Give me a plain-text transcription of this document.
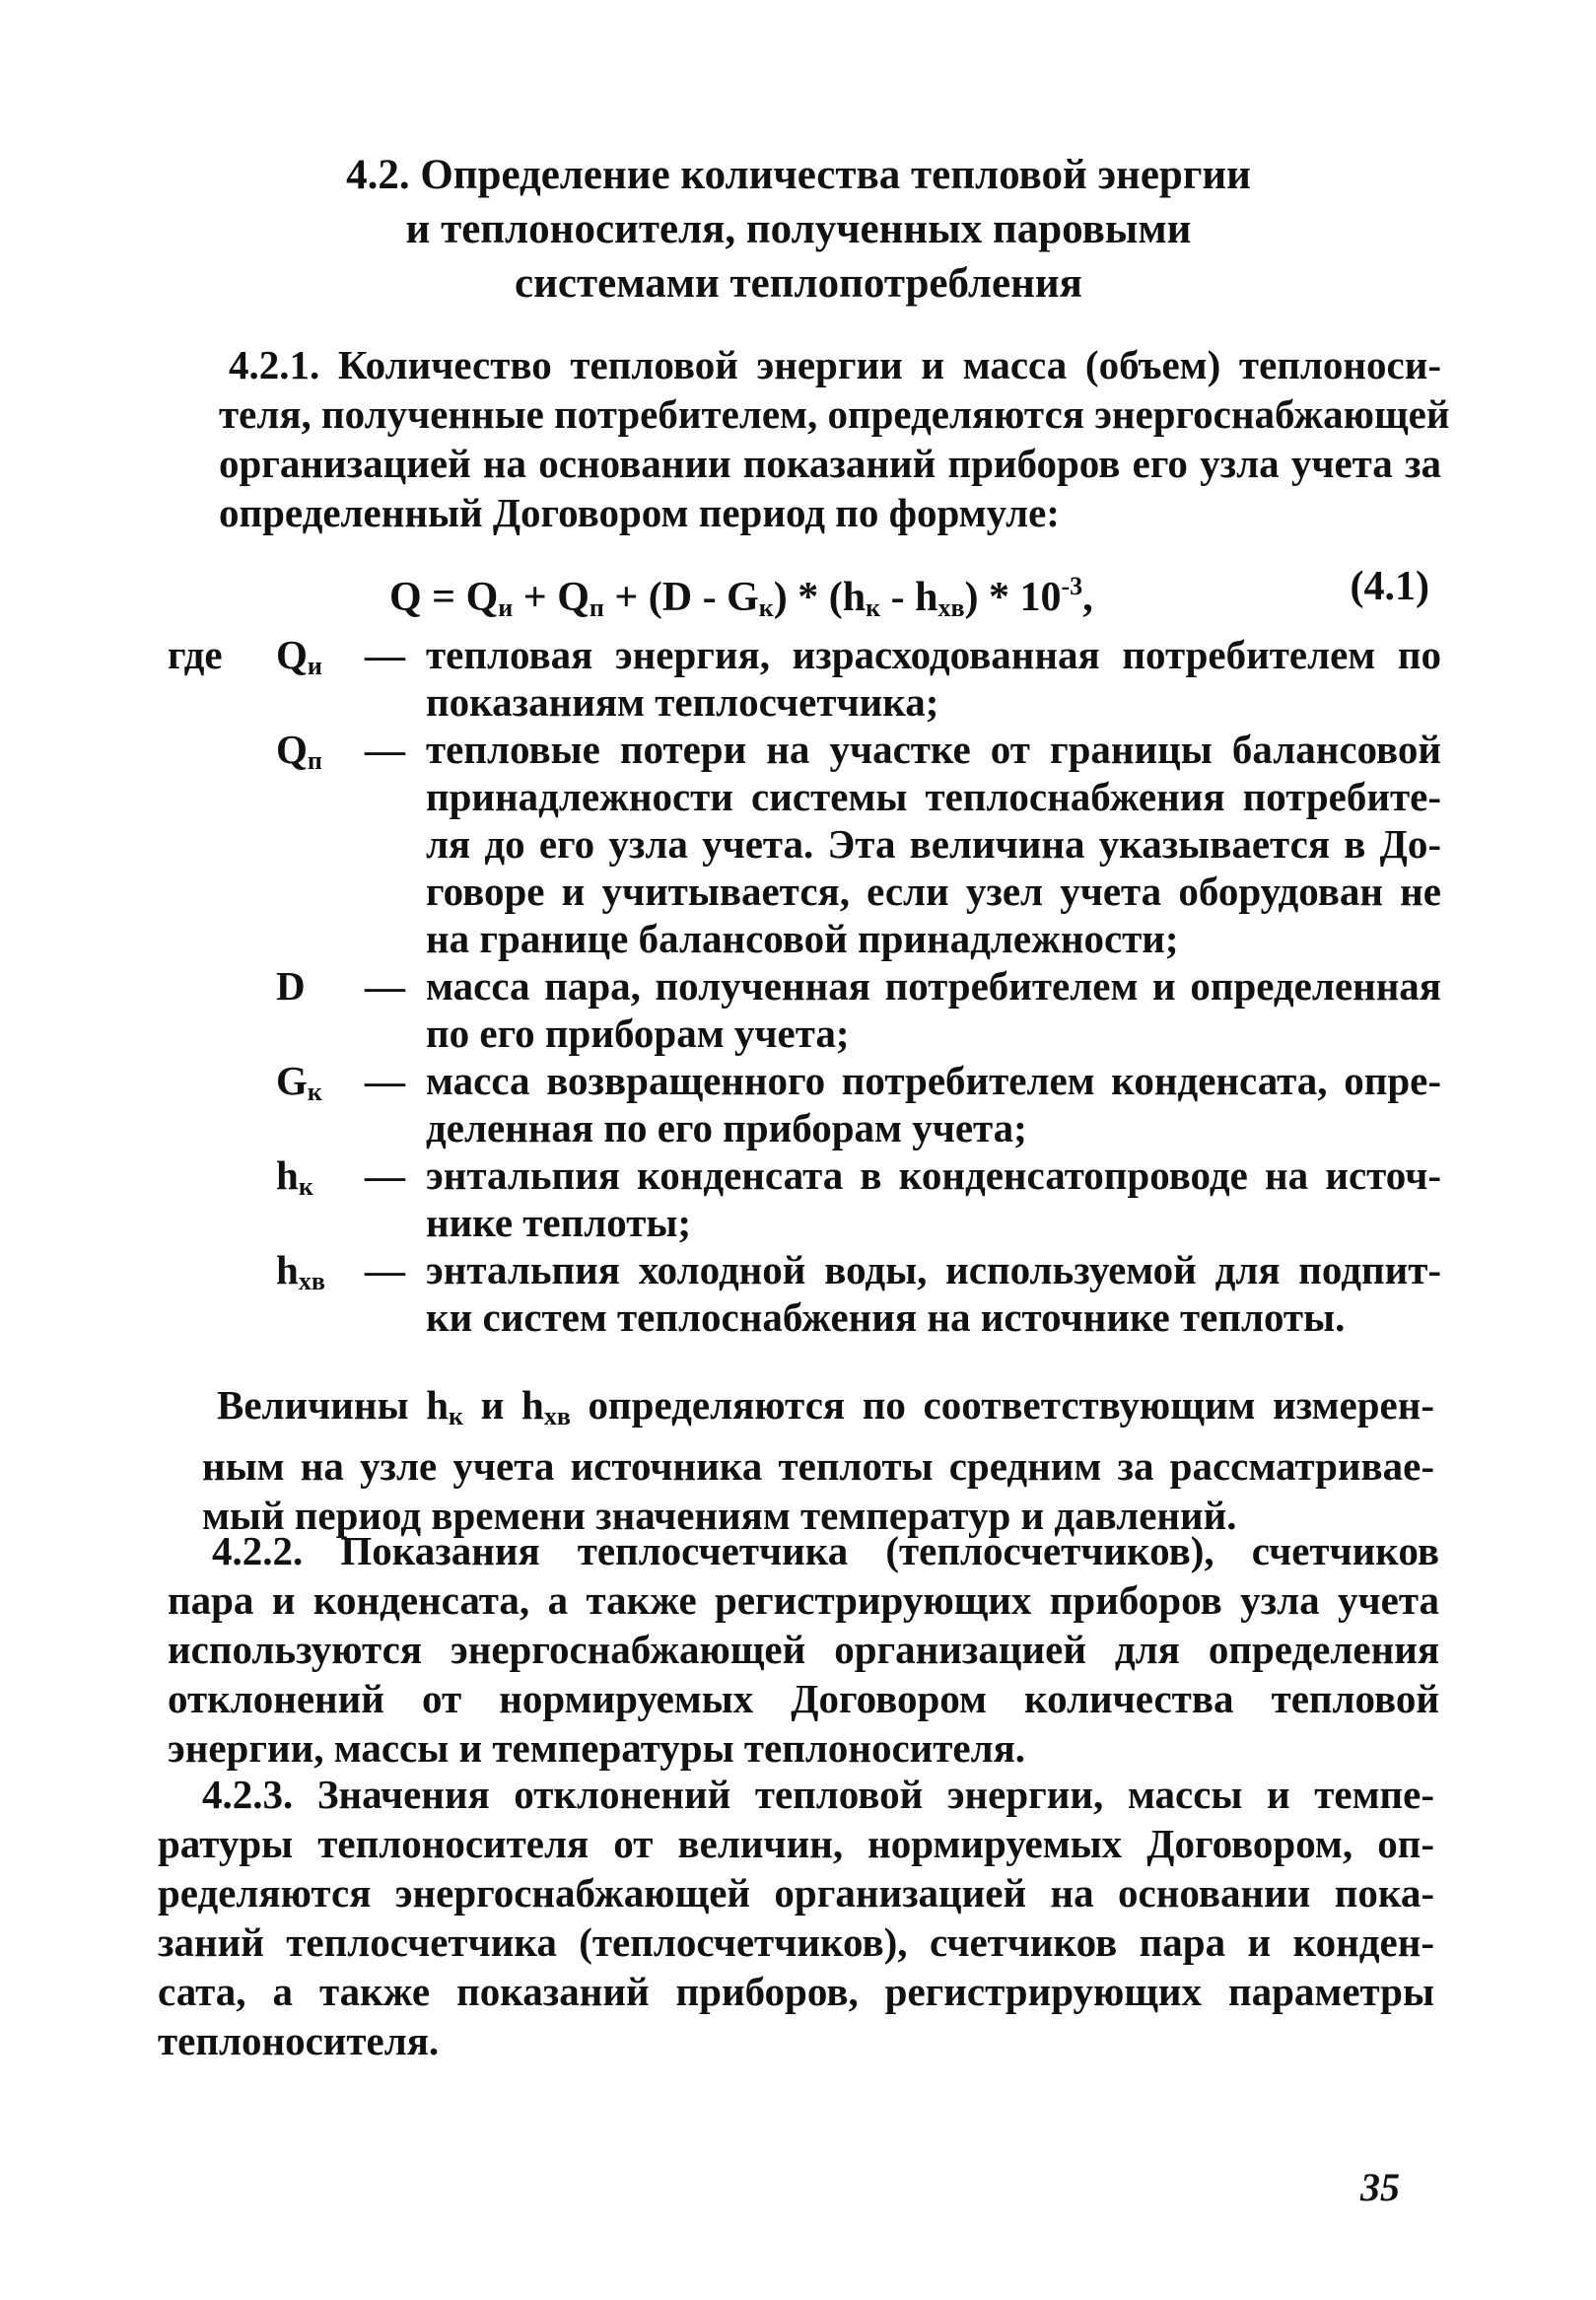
4.2. Определение количества тепловой энергии
и теплоносителя, полученных паровыми
системами теплопотребления
4.2.1. Количество тепловой энергии и масса (объем) теплоноси-
теля, полученные потребителем, определяются энергоснабжающей
организацией на основании показаний приборов его узла учета за
определенный Договором период по формуле:
$Q = Q_и + Q_п + (D - G_к) * (h_к - h_{хв}) * 10^{-3}$,	(4.1)
где	$Q_и$	— тепловая энергия, израсходованная потребителем по
показаниям теплосчетчика;
$Q_п$	— тепловые потери на участке от границы балансовой
принадлежности системы теплоснабжения потребите-
ля до его узла учета. Эта величина указывается в До-
говоре и учитывается, если узел учета оборудован не
на границе балансовой принадлежности;
D	— масса пара, полученная потребителем и определенная
по его приборам учета;
$G_к$	— масса возвращенного потребителем конденсата, опре-
деленная по его приборам учета;
$h_к$	— энтальпия конденсата в конденсатопроводе на источ-
нике теплоты;
$h_{хв}$ — энтальпия холодной воды, используемой для подпит-
ки систем теплоснабжения на источнике теплоты.
Величины $h_к$ и $h_{хв}$ определяются по соответствующим измерен-
ным на узле учета источника теплоты средним за рассматривае-
мый период времени значениям температур и давлений.
4.2.2. Показания теплосчетчика (теплосчетчиков), счетчиков
пара и конденсата, а также регистрирующих приборов узла учета
используются энергоснабжающей организацией для определения
отклонений от нормируемых Договором количества тепловой
энергии, массы и температуры теплоносителя.
4.2.3. Значения отклонений тепловой энергии, массы и темпе-
ратуры теплоносителя от величин, нормируемых Договором, оп-
ределяются энергоснабжающей организацией на основании пока-
заний теплосчетчика (теплосчетчиков), счетчиков пара и конден-
сата, а также показаний приборов, регистрирующих параметры
теплоносителя.
35
